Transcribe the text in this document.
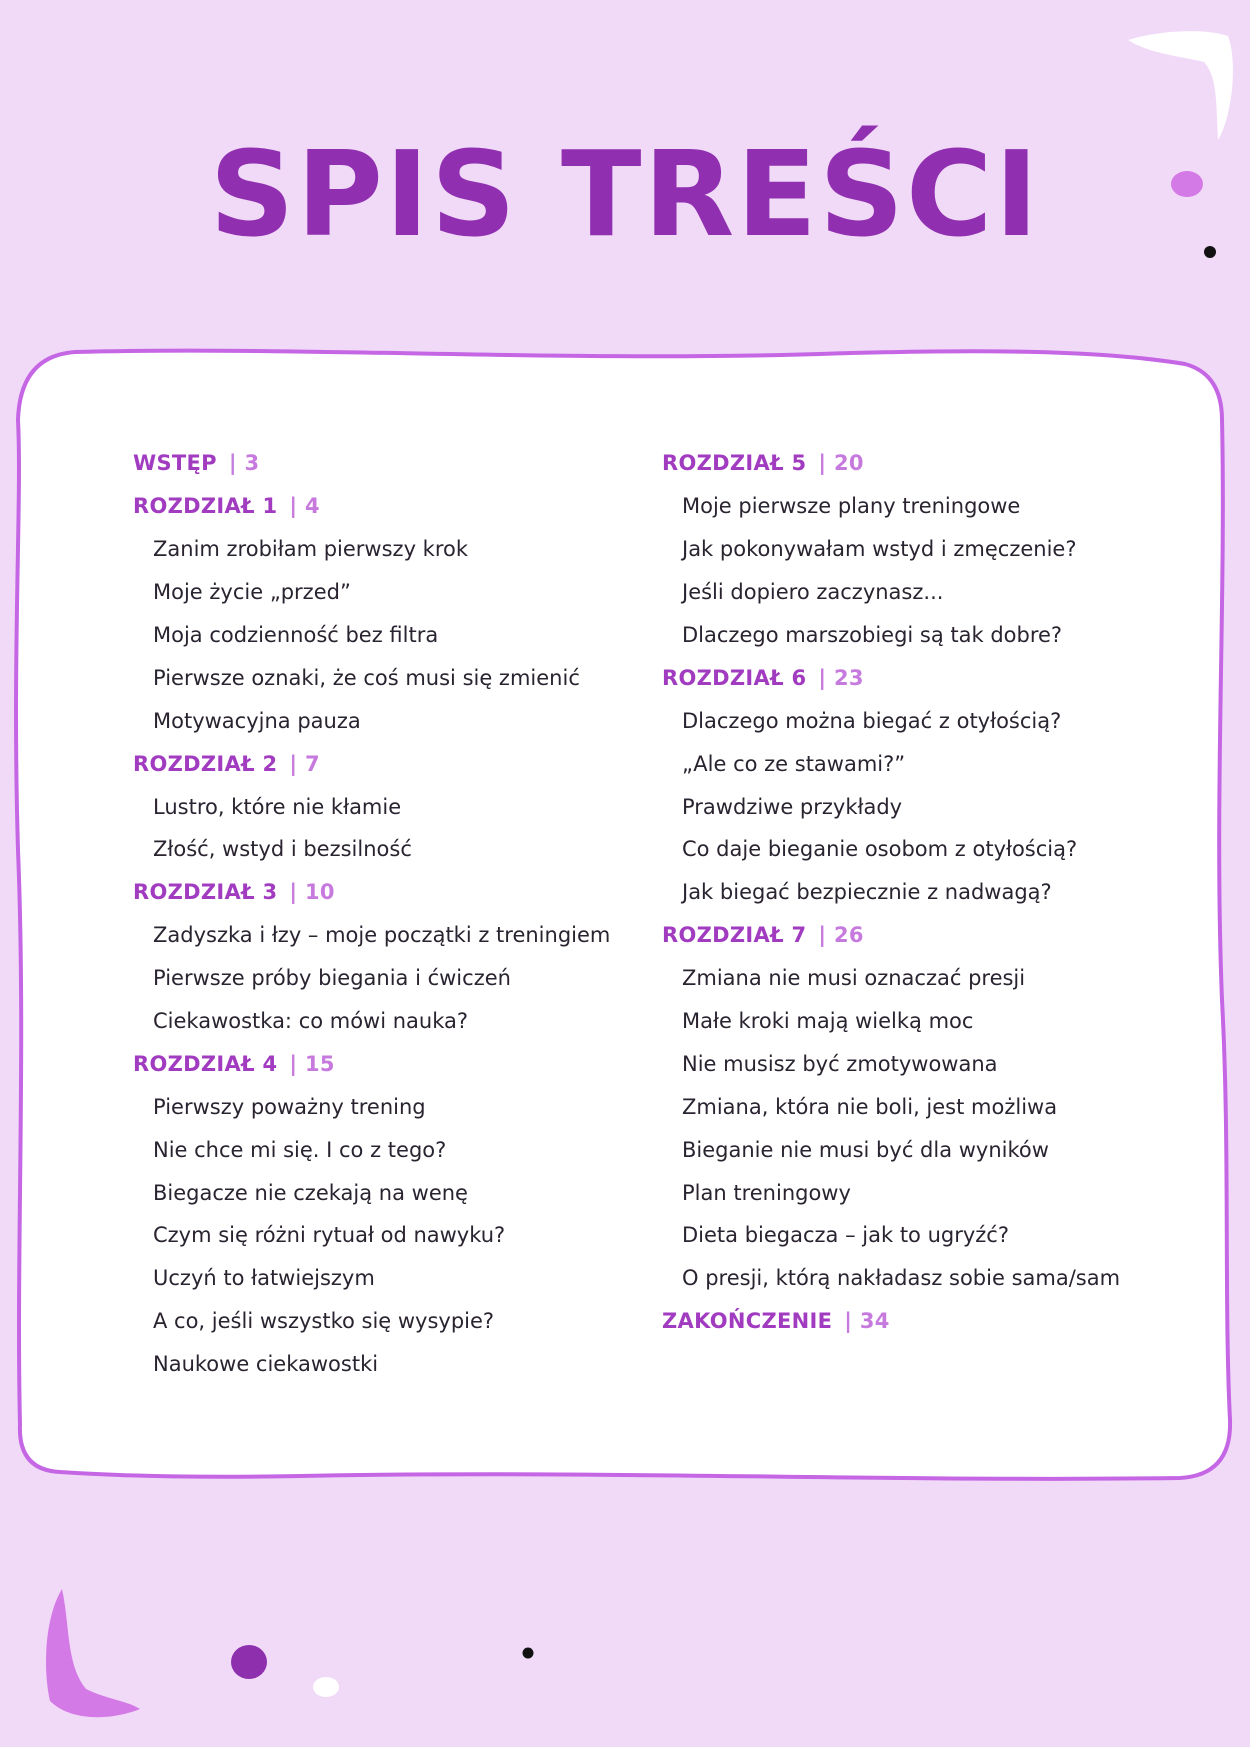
SPIS TREŚCI
WSTĘP | 3
ROZDZIAŁ 1 | 4
Zanim zrobiłam pierwszy krok
Moje życie „przed”
Moja codzienność bez filtra
Pierwsze oznaki, że coś musi się zmienić
Motywacyjna pauza
ROZDZIAŁ 2 | 7
Lustro, które nie kłamie
Złość, wstyd i bezsilność
ROZDZIAŁ 3 | 10
Zadyszka i łzy – moje początki z treningiem
Pierwsze próby biegania i ćwiczeń
Ciekawostka: co mówi nauka?
ROZDZIAŁ 4 | 15
Pierwszy poważny trening
Nie chce mi się. I co z tego?
Biegacze nie czekają na wenę
Czym się różni rytuał od nawyku?
Uczyń to łatwiejszym
A co, jeśli wszystko się wysypie?
Naukowe ciekawostki
ROZDZIAŁ 5 | 20
Moje pierwsze plany treningowe
Jak pokonywałam wstyd i zmęczenie?
Jeśli dopiero zaczynasz...
Dlaczego marszobiegi są tak dobre?
ROZDZIAŁ 6 | 23
Dlaczego można biegać z otyłością?
„Ale co ze stawami?”
Prawdziwe przykłady
Co daje bieganie osobom z otyłością?
Jak biegać bezpiecznie z nadwagą?
ROZDZIAŁ 7 | 26
Zmiana nie musi oznaczać presji
Małe kroki mają wielką moc
Nie musisz być zmotywowana
Zmiana, która nie boli, jest możliwa
Bieganie nie musi być dla wyników
Plan treningowy
Dieta biegacza – jak to ugryźć?
O presji, którą nakładasz sobie sama/sam
ZAKOŃCZENIE | 34
